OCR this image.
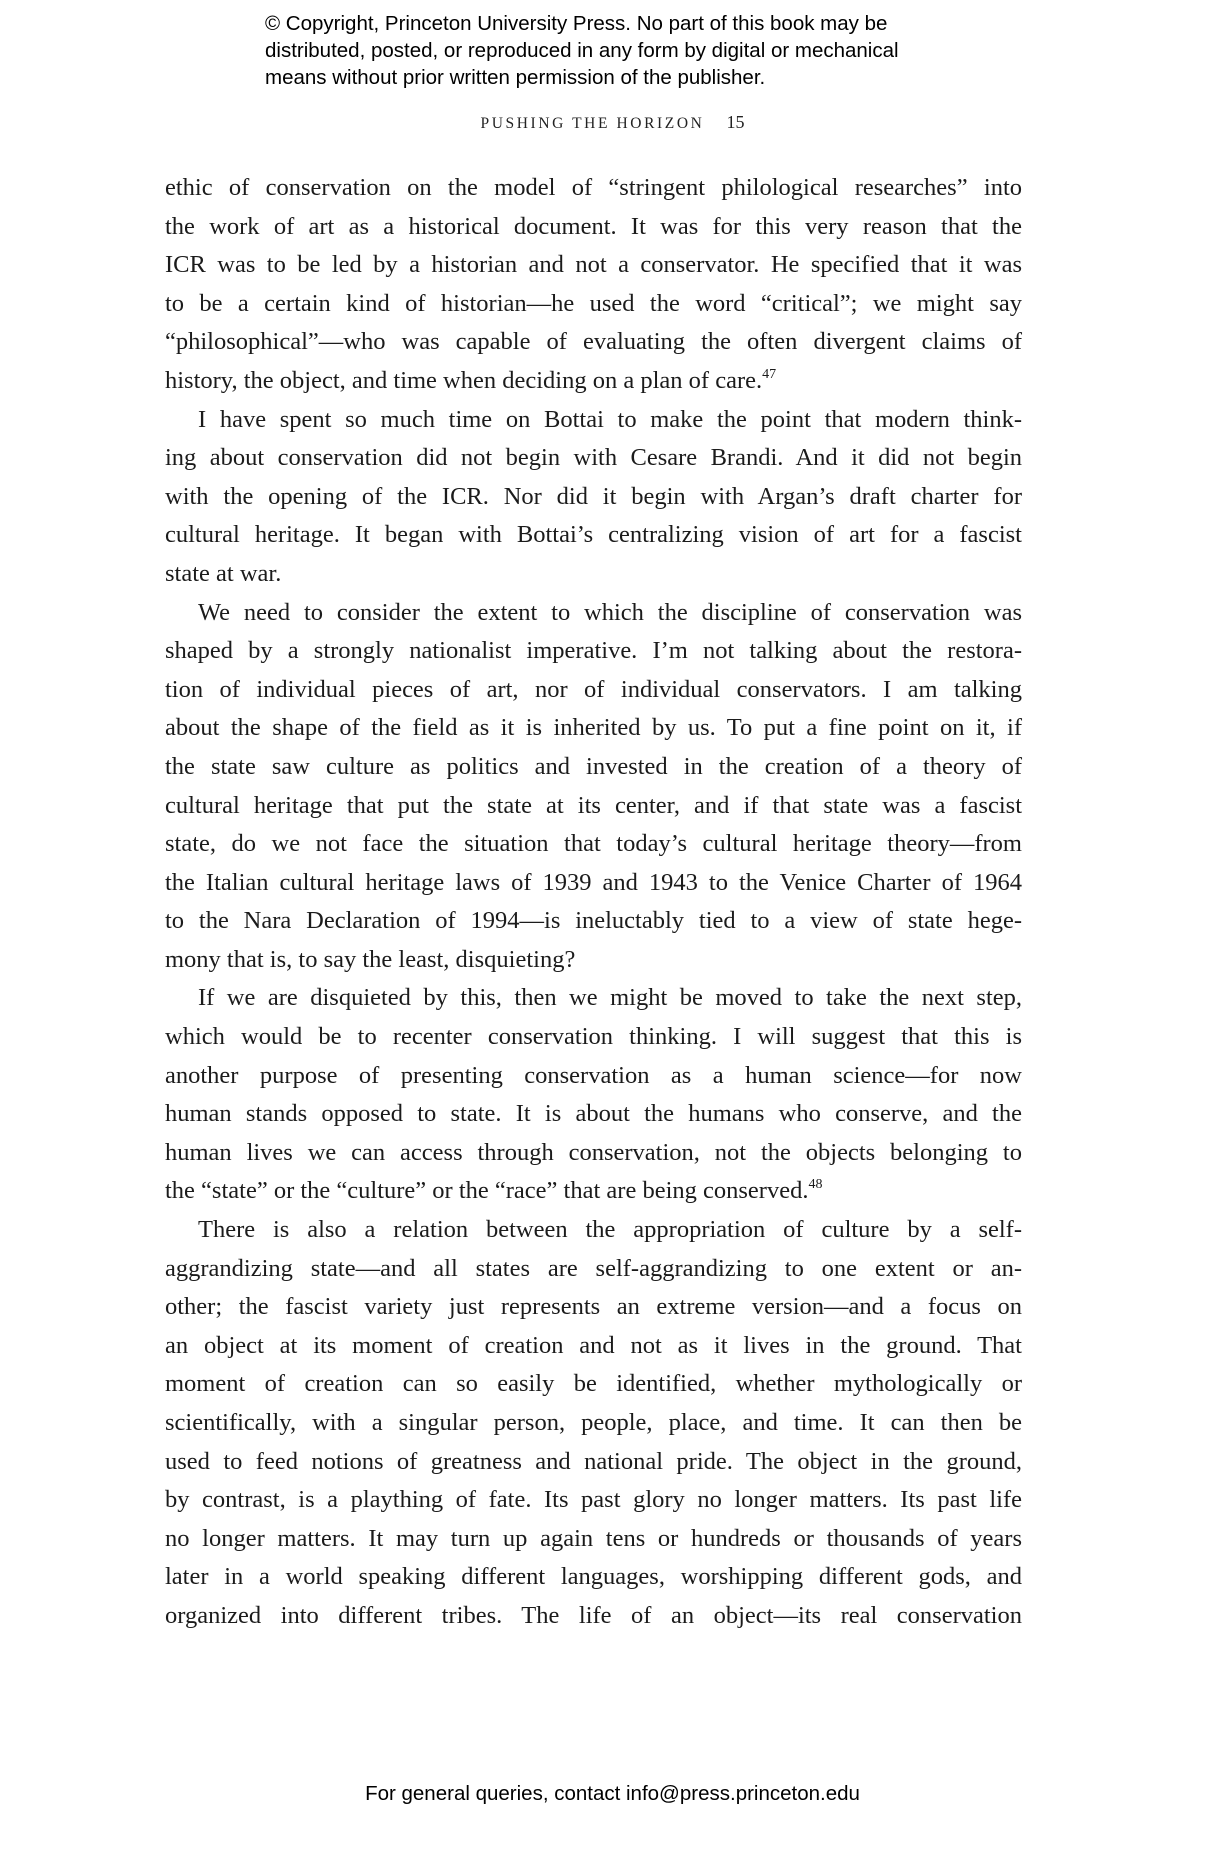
© Copyright, Princeton University Press. No part of this book may be
distributed, posted, or reproduced in any form by digital or mechanical
means without prior written permission of the publisher.
PUSHING THE HORIZON 15
ethic of conservation on the model of “stringent philological researches” into
the work of art as a historical document. It was for this very reason that the
ICR was to be led by a historian and not a conservator. He specified that it was
to be a certain kind of historian—he used the word “critical”; we might say
“philosophical”—who was capable of evaluating the often divergent claims of
history, the object, and time when deciding on a plan of care.$^{47}$
I have spent so much time on Bottai to make the point that modern think-
ing about conservation did not begin with Cesare Brandi. And it did not begin
with the opening of the ICR. Nor did it begin with Argan’s draft charter for
cultural heritage. It began with Bottai’s centralizing vision of art for a fascist
state at war.
We need to consider the extent to which the discipline of conservation was
shaped by a strongly nationalist imperative. I’m not talking about the restora-
tion of individual pieces of art, nor of individual conservators. I am talking
about the shape of the field as it is inherited by us. To put a fine point on it, if
the state saw culture as politics and invested in the creation of a theory of
cultural heritage that put the state at its center, and if that state was a fascist
state, do we not face the situation that today’s cultural heritage theory—from
the Italian cultural heritage laws of 1939 and 1943 to the Venice Charter of 1964
to the Nara Declaration of 1994—is ineluctably tied to a view of state hege-
mony that is, to say the least, disquieting?
If we are disquieted by this, then we might be moved to take the next step,
which would be to recenter conservation thinking. I will suggest that this is
another purpose of presenting conservation as a human science—for now
human stands opposed to state. It is about the humans who conserve, and the
human lives we can access through conservation, not the objects belonging to
the “state” or the “culture” or the “race” that are being conserved.$^{48}$
There is also a relation between the appropriation of culture by a self-
aggrandizing state—and all states are self-aggrandizing to one extent or an-
other; the fascist variety just represents an extreme version—and a focus on
an object at its moment of creation and not as it lives in the ground. That
moment of creation can so easily be identified, whether mythologically or
scientifically, with a singular person, people, place, and time. It can then be
used to feed notions of greatness and national pride. The object in the ground,
by contrast, is a plaything of fate. Its past glory no longer matters. Its past life
no longer matters. It may turn up again tens or hundreds or thousands of years
later in a world speaking different languages, worshipping different gods, and
organized into different tribes. The life of an object—its real conservation
For general queries, contact info@press.princeton.edu
